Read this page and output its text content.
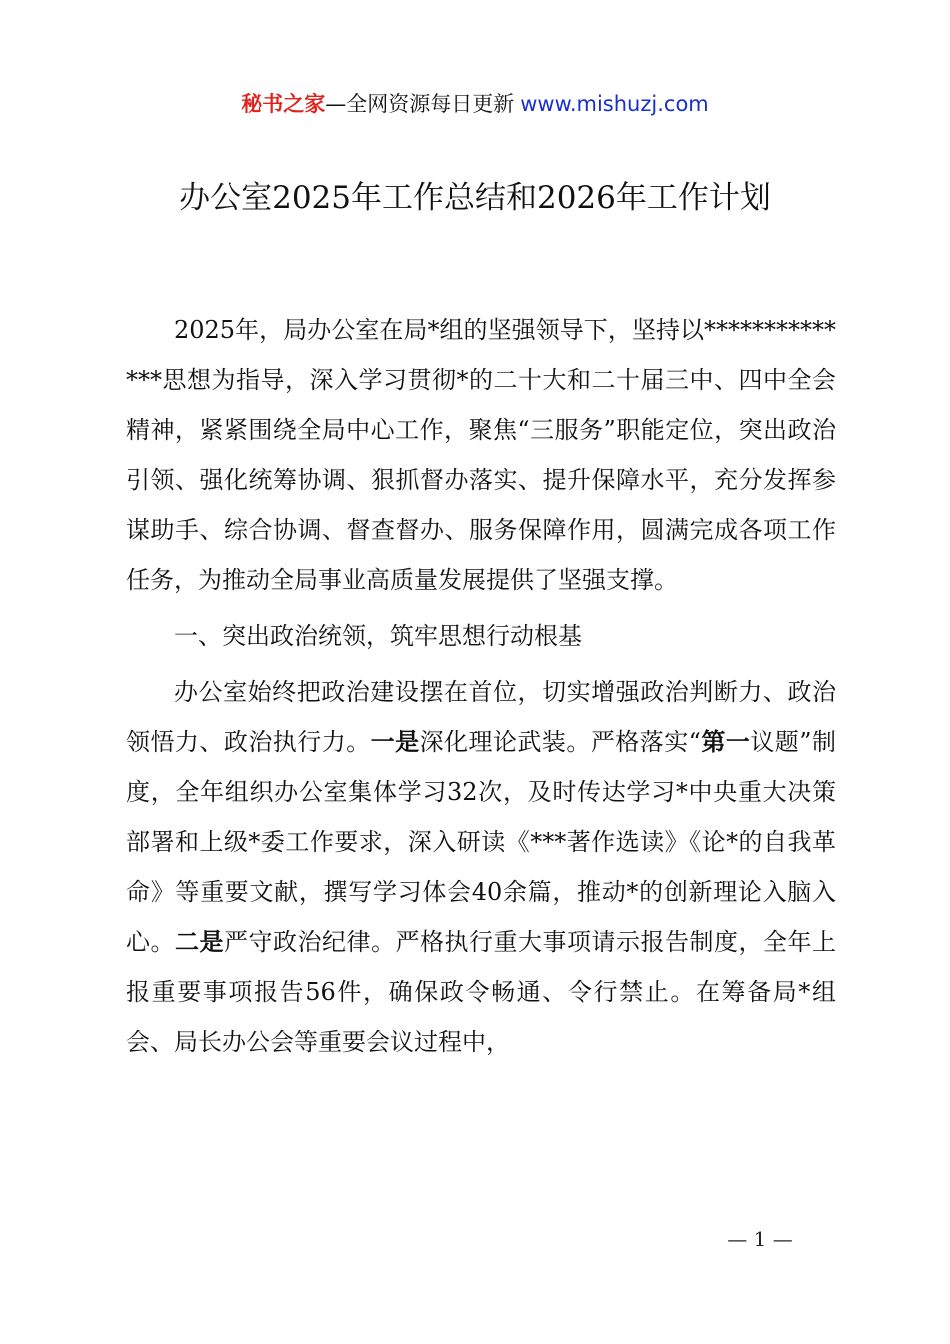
秘书之家—全网资源每日更新 www.mishuzj.com
办公室2025年工作总结和2026年工作计划

2025年，局办公室在局*组的坚强领导下，坚持以**************思想为指导，深入学习贯彻*的二十大和二十届三中、四中全会精神，紧紧围绕全局中心工作，聚焦“三服务”职能定位，突出政治引领、强化统筹协调、狠抓督办落实、提升保障水平，充分发挥参谋助手、综合协调、督查督办、服务保障作用，圆满完成各项工作任务，为推动全局事业高质量发展提供了坚强支撑。

一、突出政治统领，筑牢思想行动根基

办公室始终把政治建设摆在首位，切实增强政治判断力、政治领悟力、政治执行力。一是深化理论武装。严格落实“第一议题”制度，全年组织办公室集体学习32次，及时传达学习*中央重大决策部署和上级*委工作要求，深入研读《***著作选读》《论*的自我革命》等重要文献，撰写学习体会40余篇，推动*的创新理论入脑入心。二是严守政治纪律。严格执行重大事项请示报告制度，全年上报重要事项报告56件，确保政令畅通、令行禁止。在筹备局*组会、局长办公会等重要会议过程中，

— 1 —
